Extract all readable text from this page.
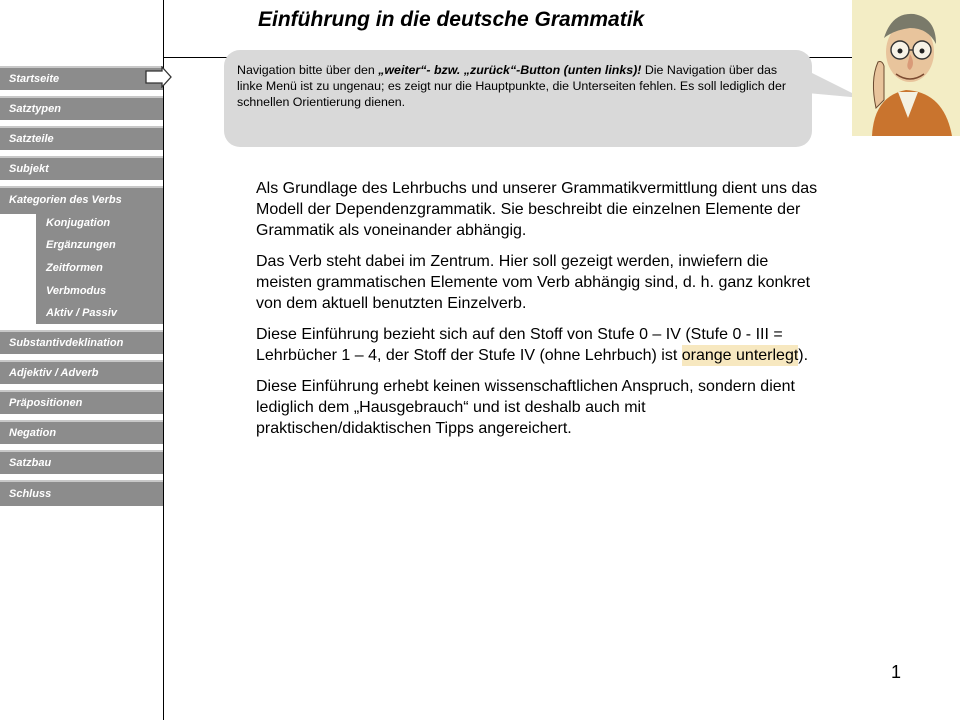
Einführung in die deutsche Grammatik
Startseite
Satztypen
Satzteile
Subjekt
Kategorien des Verbs
Konjugation
Ergänzungen
Zeitformen
Verbmodus
Aktiv / Passiv
Substantivdeklination
Adjektiv / Adverb
Präpositionen
Negation
Satzbau
Schluss
Navigation bitte über den „weiter“- bzw. „zurück“-Button (unten links)! Die Navigation über das linke Menü ist zu ungenau; es zeigt nur die Hauptpunkte, die Unterseiten fehlen. Es soll lediglich der schnellen Orientierung dienen.

Als Grundlage des Lehrbuchs und unserer Grammatikvermittlung dient uns das Modell der Dependenzgrammatik. Sie beschreibt die einzelnen Elemente der Grammatik als voneinander abhängig.

Das Verb steht dabei im Zentrum. Hier soll gezeigt werden, inwiefern die meisten grammatischen Elemente vom Verb abhängig sind, d. h. ganz konkret von dem aktuell benutzten Einzelverb.

Diese Einführung bezieht sich auf den Stoff von Stufe 0 – IV (Stufe 0 - III = Lehrbücher 1 – 4, der Stoff der Stufe IV (ohne Lehrbuch) ist orange unterlegt).

Diese Einführung erhebt keinen wissenschaftlichen Anspruch, sondern dient lediglich dem „Hausgebrauch“ und ist deshalb auch mit praktischen/didaktischen Tipps angereichert.

1
